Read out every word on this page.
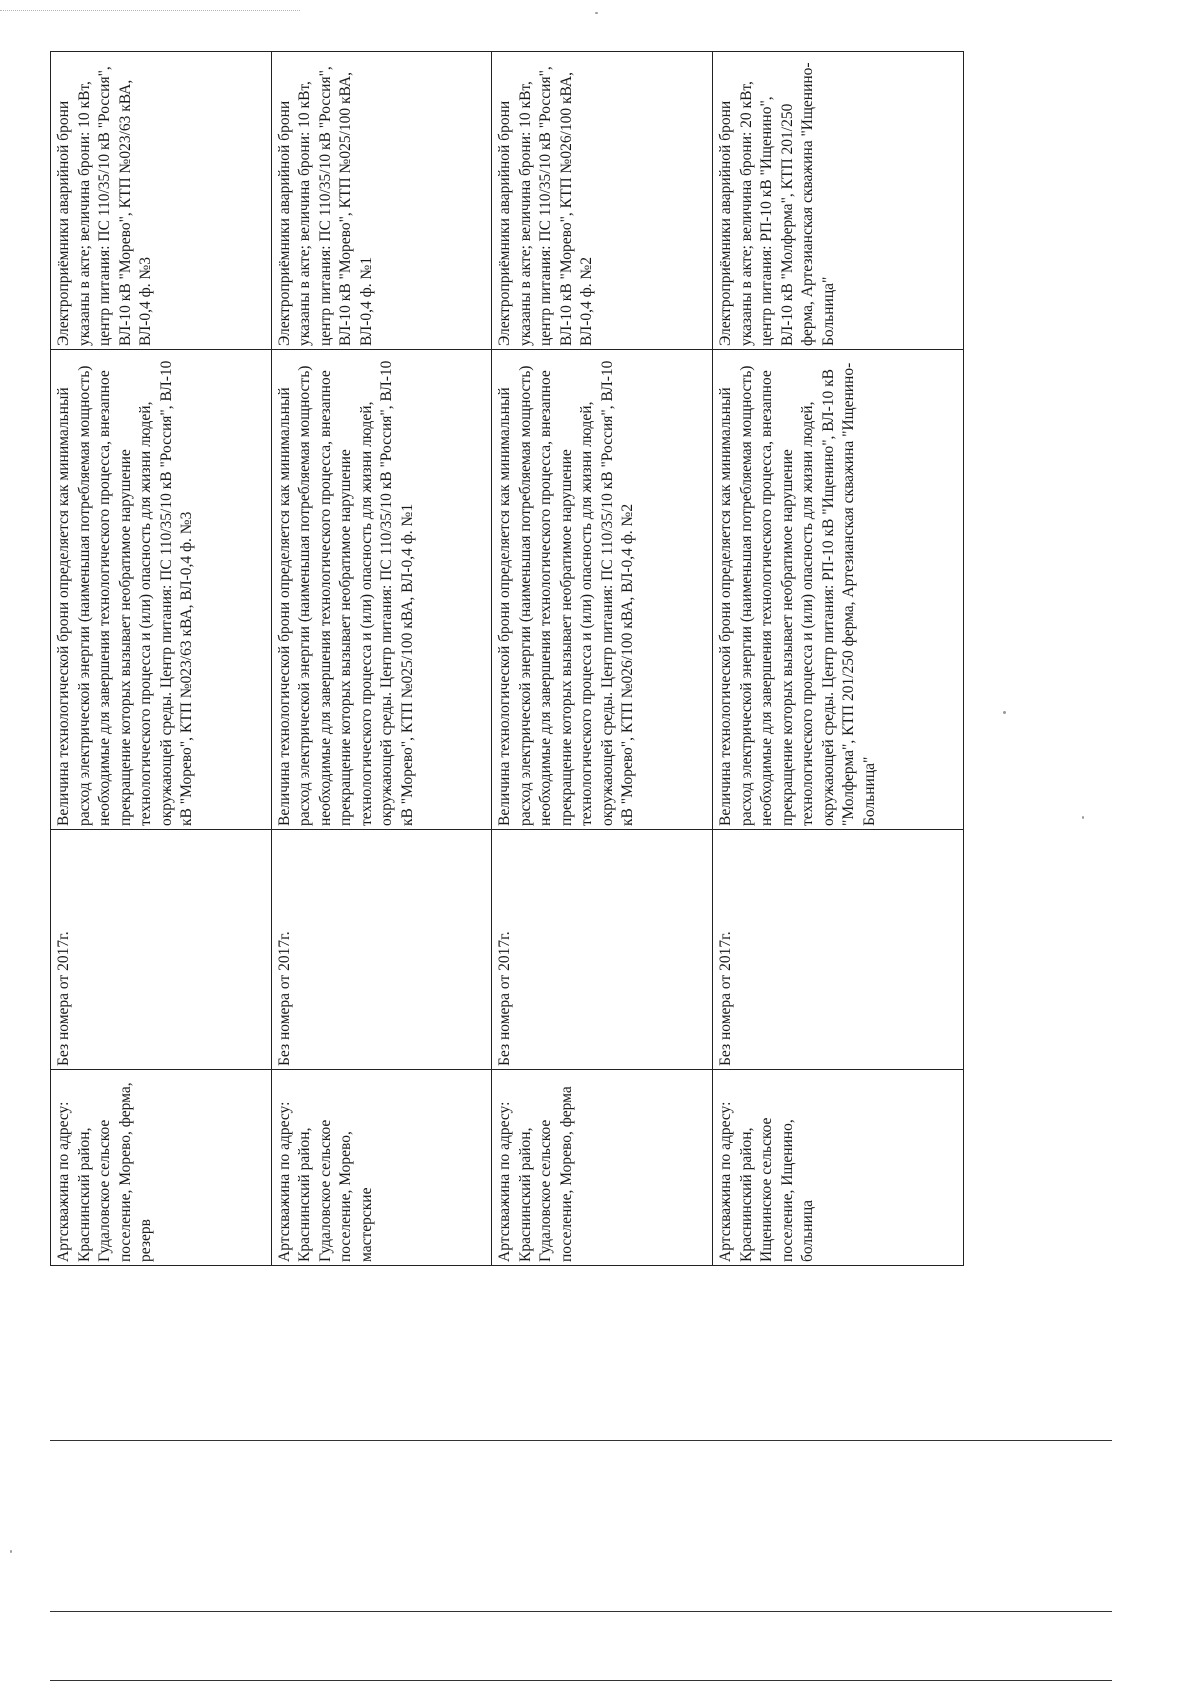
Артскважина по адресу: Краснинский район, Гудаловское сельское поселение, Морево, ферма, резерв	Без номера от 2017г.	Величина технологической брони определяется как минимальный расход электрической энергии (наименьшая потребляемая мощность) необходимые для завершения технологического процесса, внезапное прекращение которых вызывает необратимое нарушение технологического процесса и (или) опасность для жизни людей, окружающей среды. Центр питания: ПС 110/35/10 кВ "Россия", ВЛ-10 кВ "Морево", КТП №023/63 кВА, ВЛ-0,4 ф. №3	Электроприёмники аварийной брони указаны в акте; величина брони: 10 кВт, центр питания: ПС 110/35/10 кВ "Россия", ВЛ-10 кВ "Морево", КТП №023/63 кВА, ВЛ-0,4 ф. №3
Артскважина по адресу: Краснинский район, Гудаловское сельское поселение, Морево, мастерские	Без номера от 2017г.	Величина технологической брони определяется как минимальный расход электрической энергии (наименьшая потребляемая мощность) необходимые для завершения технологического процесса, внезапное прекращение которых вызывает необратимое нарушение технологического процесса и (или) опасность для жизни людей, окружающей среды. Центр питания: ПС 110/35/10 кВ "Россия", ВЛ-10 кВ "Морево", КТП №025/100 кВА, ВЛ-0,4 ф. №1	Электроприёмники аварийной брони указаны в акте; величина брони: 10 кВт, центр питания: ПС 110/35/10 кВ "Россия", ВЛ-10 кВ "Морево", КТП №025/100 кВА, ВЛ-0,4 ф. №1
Артскважина по адресу: Краснинский район, Гудаловское сельское поселение, Морево, ферма	Без номера от 2017г.	Величина технологической брони определяется как минимальный расход электрической энергии (наименьшая потребляемая мощность) необходимые для завершения технологического процесса, внезапное прекращение которых вызывает необратимое нарушение технологического процесса и (или) опасность для жизни людей, окружающей среды. Центр питания: ПС 110/35/10 кВ "Россия", ВЛ-10 кВ "Морево", КТП №026/100 кВА, ВЛ-0,4 ф. №2	Электроприёмники аварийной брони указаны в акте; величина брони: 10 кВт, центр питания: ПС 110/35/10 кВ "Россия", ВЛ-10 кВ "Морево", КТП №026/100 кВА, ВЛ-0,4 ф. №2
Артскважина по адресу: Краснинский район, Ищенинское сельское поселение, Ищенино, больница	Без номера от 2017г.	Величина технологической брони определяется как минимальный расход электрической энергии (наименьшая потребляемая мощность) необходимые для завершения технологического процесса, внезапное прекращение которых вызывает необратимое нарушение технологического процесса и (или) опасность для жизни людей, окружающей среды. Центр питания: РП-10 кВ "Ищенино", ВЛ-10 кВ "Молферма", КТП 201/250 ферма, Артезианская скважина "Ищенино-Больница"	Электроприёмники аварийной брони указаны в акте; величина брони: 20 кВт, центр питания: РП-10 кВ "Ищенино", ВЛ-10 кВ "Молферма", КТП 201/250 ферма, Артезианская скважина "Ищенино-Больница"
